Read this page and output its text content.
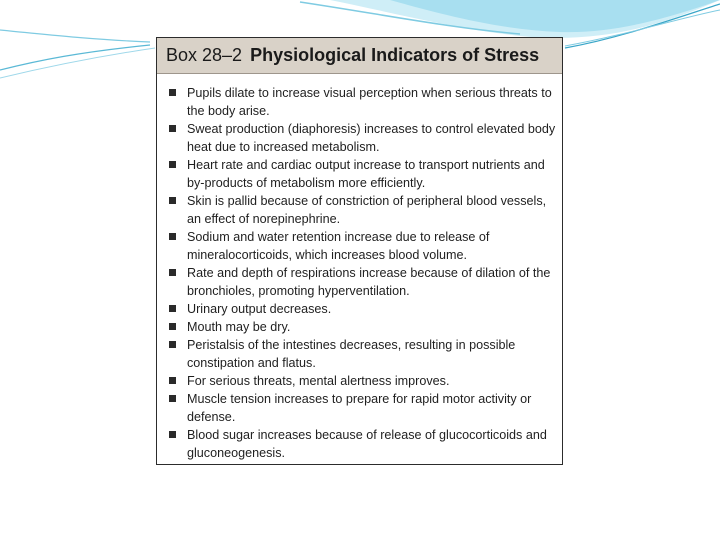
Box 28–2 Physiological Indicators of Stress
Pupils dilate to increase visual perception when serious threats to the body arise.
Sweat production (diaphoresis) increases to control elevated body heat due to increased metabolism.
Heart rate and cardiac output increase to transport nutrients and by-products of metabolism more efficiently.
Skin is pallid because of constriction of peripheral blood vessels, an effect of norepinephrine.
Sodium and water retention increase due to release of mineralocorticoids, which increases blood volume.
Rate and depth of respirations increase because of dilation of the bronchioles, promoting hyperventilation.
Urinary output decreases.
Mouth may be dry.
Peristalsis of the intestines decreases, resulting in possible constipation and flatus.
For serious threats, mental alertness improves.
Muscle tension increases to prepare for rapid motor activity or defense.
Blood sugar increases because of release of glucocorticoids and gluconeogenesis.
